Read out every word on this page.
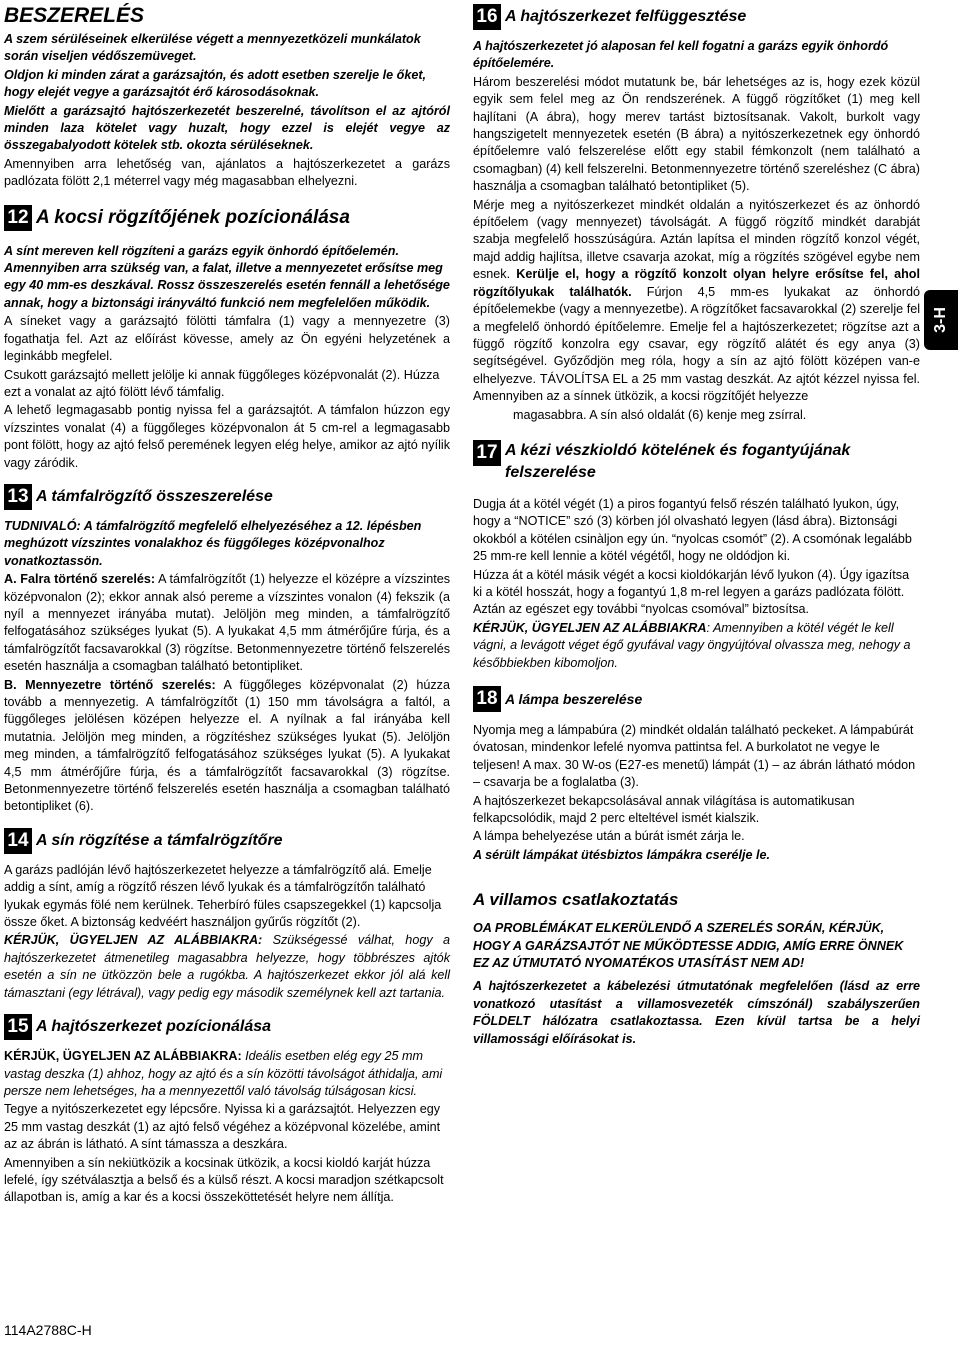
BESZERELÉS

A szem sérüléseinek elkerülése végett a mennyezetközeli munkálatok során viseljen védőszemüveget.

Oldjon ki minden zárat a garázsajtón, és adott esetben szerelje le őket, hogy elejét vegye a garázsajtót érő károsodásoknak.

Mielőtt a garázsajtó hajtószerkezetét beszerelné, távolítson el az ajtóról minden laza kötelet vagy huzalt, hogy ezzel is elejét vegye az összegabalyodott kötelek stb. okozta sérüléseknek.

Amennyiben arra lehetőség van, ajánlatos a hajtószerkezetet a garázs padlózata fölött 2,1 méterrel vagy még magasabban elhelyezni.

12 A kocsi rögzítőjének pozícionálása

A sínt mereven kell rögzíteni a garázs egyik önhordó építőelemén. Amennyiben arra szükség van, a falat, illetve a mennyezetet erősítse meg egy 40 mm-es deszkával. Rossz összeszerelés esetén fennáll a lehetősége annak, hogy a biztonsági irányváltó funkció nem megfelelően működik.

A síneket vagy a garázsajtó fölötti támfalra (1) vagy a mennyezetre (3) fogathatja fel. Azt az előírást kövesse, amely az Ön egyéni helyzetének a leginkább megfelel.

Csukott garázsajtó mellett jelölje ki annak függőleges középvonalát (2). Húzza ezt a vonalat az ajtó fölött lévő támfalig.

A lehető legmagasabb pontig nyissa fel a garázsajtót. A támfalon húzzon egy vízszintes vonalat (4) a függőleges középvonalon át 5 cm-rel a legmagasabb pont fölött, hogy az ajtó felső peremének legyen elég helye, amikor az ajtó nyílik vagy záródik.

13 A támfalrögzítő összeszerelése

TUDNIVALÓ: A támfalrögzítő megfelelő elhelyezéséhez a 12. lépésben meghúzott vízszintes vonalakhoz és függőleges középvonalhoz vonatkoztassön.

A. Falra történő szerelés: A támfalrögzítőt (1) helyezze el középre a vízszintes középvonalon (2); ekkor annak alsó pereme a vízszintes vonalon (4) fekszik (a nyíl a mennyezet irányába mutat). Jelöljön meg minden, a támfalrögzítő felfogatásához szükséges lyukat (5). A lyukakat 4,5 mm átmérőjűre fúrja, és a támfalrögzítőt facsavarokkal (3) rögzítse. Betonmennyezetre történő felszerelés esetén használja a csomagban található betontipliket.

B. Mennyezetre történő szerelés: A függőleges középvonalat (2) húzza tovább a mennyezetig. A támfalrögzítőt (1) 150 mm távolságra a faltól, a függőleges jelölésen középen helyezze el. A nyílnak a fal irányába kell mutatnia. Jelöljön meg minden, a rögzítéshez szükséges lyukat (5). Jelöljön meg minden, a támfalrögzítő felfogatásához szükséges lyukat (5). A lyukakat 4,5 mm átmérőjűre fúrja, és a támfalrögzítőt facsavarokkal (3) rögzítse. Betonmennyezetre történő felszerelés esetén használja a csomagban található betontipliket (6).

14 A sín rögzítése a támfalrögzítőre

A garázs padlóján lévő hajtószerkezetet helyezze a támfalrögzítő alá. Emelje addig a sínt, amíg a rögzítő részen lévő lyukak és a támfalrögzítőn található lyukak egymás fölé nem kerülnek. Teherbíró füles csapszegekkel (1) kapcsolja össze őket. A biztonság kedvéért használjon gyűrűs rögzítőt (2).

KÉRJÜK, ÜGYELJEN AZ ALÁBBIAKRA: Szükségessé válhat, hogy a hajtószerkezetet átmenetileg magasabbra helyezze, hogy többrészes ajtók esetén a sín ne ütközzön bele a rugókba. A hajtószerkezet ekkor jól alá kell támasztani (egy létrával), vagy pedig egy második személynek kell azt tartania.

15 A hajtószerkezet pozícionálása

KÉRJÜK, ÜGYELJEN AZ ALÁBBIAKRA: Ideális esetben elég egy 25 mm vastag deszka (1) ahhoz, hogy az ajtó és a sín közötti távolságot áthidalja, ami persze nem lehetséges, ha a mennyezettől való távolság túlságosan kicsi.

Tegye a nyitószerkezetet egy lépcsőre. Nyissa ki a garázsajtót. Helyezzen egy 25 mm vastag deszkát (1) az ajtó felső végéhez a középvonal közelébe, amint az az ábrán is látható. A sínt támassza a deszkára.

Amennyiben a sín nekiütközik a kocsinak ütközik, a kocsi kioldó karját húzza lefelé, így szétválasztja a belső és a külső részt. A kocsi maradjon szétkapcsolt állapotban is, amíg a kar és a kocsi összeköttetését helyre nem állítja.

16 A hajtószerkezet felfüggesztése

A hajtószerkezetet jó alaposan fel kell fogatni a garázs egyik önhordó építőelemére.

Három beszerelési módot mutatunk be, bár lehetséges az is, hogy ezek közül egyik sem felel meg az Ön rendszerének. A függő rögzítőket (1) meg kell hajlítani (A ábra), hogy merev tartást biztosítsanak. Vakolt, burkolt vagy hangszigetelt mennyezetek esetén (B ábra) a nyitószerkezetnek egy önhordó építőelemre való felszerelése előtt egy stabil fémkonzolt (nem található a csomagban) (4) kell felszerelni. Betonmennyezetre történő szereléshez (C ábra) használja a csomagban található betontipliket (5).

Mérje meg a nyitószerkezet mindkét oldalán a nyitószerkezet és az önhordó építőelem (vagy mennyezet) távolságát. A függő rögzítő mindkét darabját szabja megfelelő hosszúságúra. Aztán lapítsa el minden rögzítő konzol végét, majd addig hajlítsa, illetve csavarja azokat, míg a rögzítés szögével egybe nem esnek. Kerülje el, hogy a rögzítő konzolt olyan helyre erősítse fel, ahol rögzítőlyukak találhatók. Fúrjon 4,5 mm-es lyukakat az önhordó építőelemekbe (vagy a mennyezetbe). A rögzítőket facsavarokkal (2) szerelje fel a megfelelő önhordó építőelemre. Emelje fel a hajtószerkezetet; rögzítse azt a függő rögzítő konzolra egy csavar, egy rögzítő alátét és egy anya (3) segítségével. Győződjön meg róla, hogy a sín az ajtó fölött középen van-e elhelyezve. TÁVOLÍTSA EL a 25 mm vastag deszkát. Az ajtót kézzel nyissa fel. Amennyiben az a sínnek ütközik, a kocsi rögzítőjét helyezze

magasabbra. A sín alsó oldalát (6) kenje meg zsírral.

17 A kézi vészkioldó kötelének és fogantyújának felszerelése

Dugja át a kötél végét (1) a piros fogantyú felső részén található lyukon, úgy, hogy a “NOTICE” szó (3) körben jól olvasható legyen (lásd ábra). Biztonsági okokból a kötélen csinàljon egy ún. “nyolcas csomót” (2). A csomónak legalább 25 mm-re kell lennie a kötél végétől, hogy ne oldódjon ki.

Húzza át a kötél másik végét a kocsi kioldókarján lévő lyukon (4). Úgy igazítsa ki a kötél hosszát, hogy a fogantyú 1,8 m-rel legyen a garázs padlózata fölött. Aztán az egészet egy további “nyolcas csomóval” biztosítsa.

KÉRJÜK, ÜGYELJEN AZ ALÁBBIAKRA: Amennyiben a kötél végét le kell vágni, a levágott véget égő gyufával vagy öngyújtóval olvassza meg, nehogy a későbbiekben kibomoljon.

18 A lámpa beszerelése

Nyomja meg a lámpabúra (2) mindkét oldalán található peckeket. A lámpabúrát óvatosan, mindenkor lefelé nyomva pattintsa fel. A burkolatot ne vegye le teljesen! A max. 30 W-os (E27-es menetű) lámpát (1) – az ábrán látható módon – csavarja be a foglalatba (3).

A hajtószerkezet bekapcsolásával annak világítása is automatikusan felkapcsolódik, majd 2 perc elteltével ismét kialszik.

A lámpa behelyezése után a búrát ismét zárja le.

A sérült lámpákat ütésbiztos lámpákra cserélje le.

A villamos csatlakoztatás

OA PROBLÉMÁKAT ELKERÜLENDŐ A SZERELÉS SORÁN, KÉRJÜK, HOGY A GARÁZSAJTÓT NE MŰKÖDTESSE ADDIG, AMÍG ERRE ÖNNEK EZ AZ ÚTMUTATÓ NYOMATÉKOS UTASÍTÁST NEM AD!

A hajtószerkezetet a kábelezési útmutatónak megfelelően (lásd az erre vonatkozó utasítást a villamosvezeték címszónál) szabályszerűen FÖLDELT hálózatra csatlakoztassa. Ezen kívül tartsa be a helyi villamossági előírásokat is.

3-H
114A2788C-H
